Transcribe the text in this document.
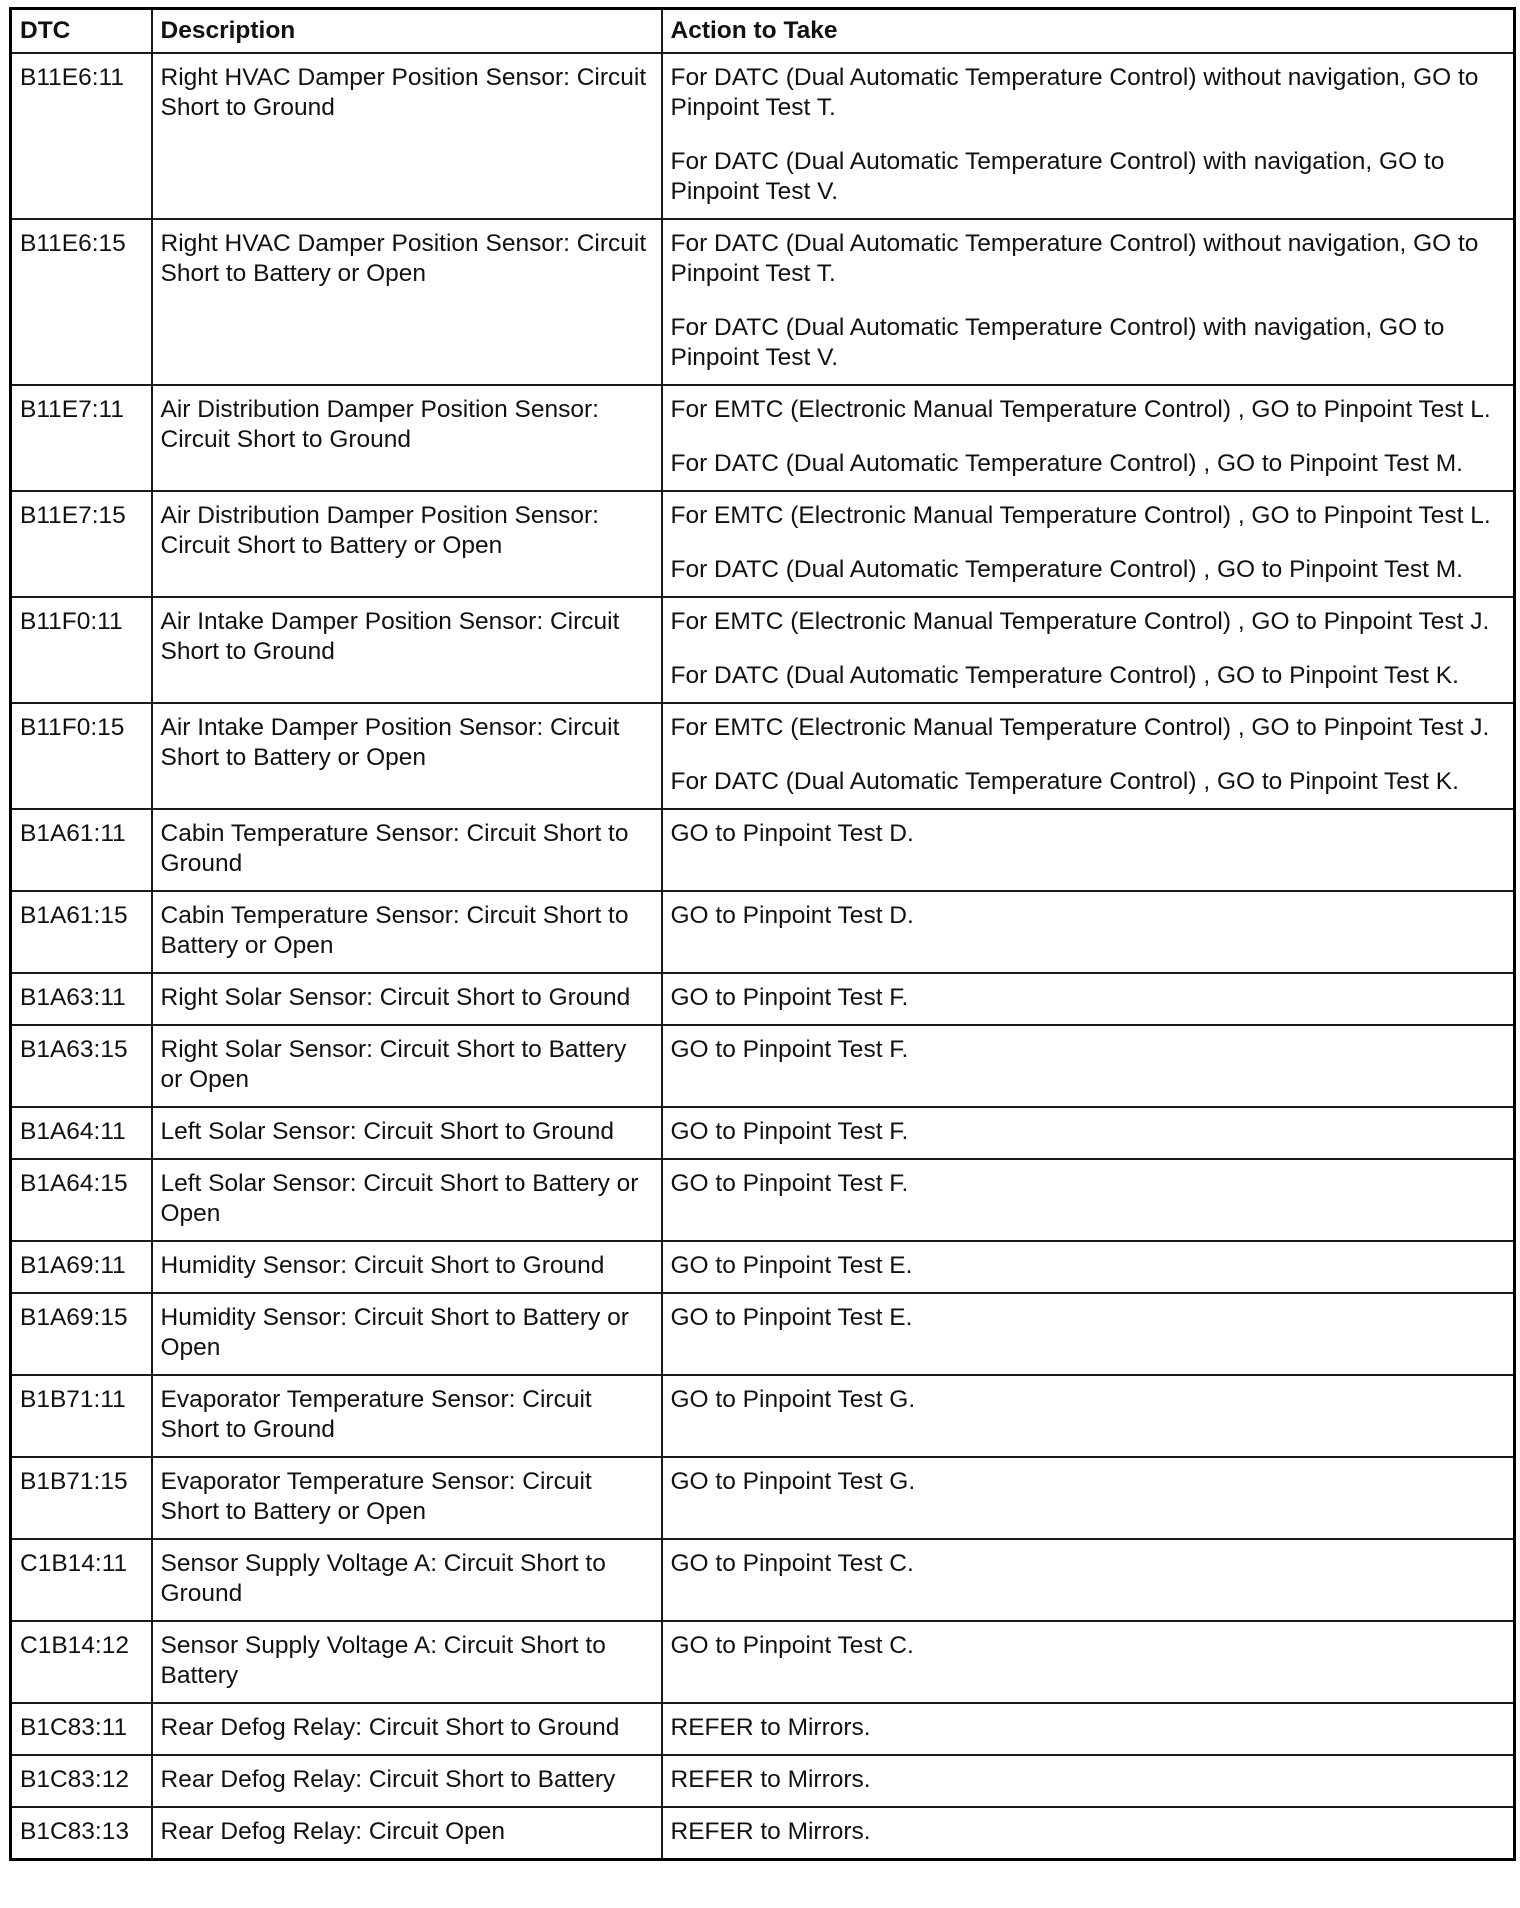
DTC	Description	Action to Take
B11E6:11	Right HVAC Damper Position Sensor: Circuit Short to Ground	For DATC (Dual Automatic Temperature Control) without navigation, GO to Pinpoint Test T.

For DATC (Dual Automatic Temperature Control) with navigation, GO to Pinpoint Test V.

B11E6:15	Right HVAC Damper Position Sensor: Circuit Short to Battery or Open	For DATC (Dual Automatic Temperature Control) without navigation, GO to Pinpoint Test T.

For DATC (Dual Automatic Temperature Control) with navigation, GO to Pinpoint Test V.

B11E7:11	Air Distribution Damper Position Sensor: Circuit Short to Ground	For EMTC (Electronic Manual Temperature Control) , GO to Pinpoint Test L.

For DATC (Dual Automatic Temperature Control) , GO to Pinpoint Test M.

B11E7:15	Air Distribution Damper Position Sensor: Circuit Short to Battery or Open	For EMTC (Electronic Manual Temperature Control) , GO to Pinpoint Test L.

For DATC (Dual Automatic Temperature Control) , GO to Pinpoint Test M.

B11F0:11	Air Intake Damper Position Sensor: Circuit Short to Ground	For EMTC (Electronic Manual Temperature Control) , GO to Pinpoint Test J.

For DATC (Dual Automatic Temperature Control) , GO to Pinpoint Test K.

B11F0:15	Air Intake Damper Position Sensor: Circuit Short to Battery or Open	For EMTC (Electronic Manual Temperature Control) , GO to Pinpoint Test J.

For DATC (Dual Automatic Temperature Control) , GO to Pinpoint Test K.

B1A61:11	Cabin Temperature Sensor: Circuit Short to Ground	GO to Pinpoint Test D.

B1A61:15	Cabin Temperature Sensor: Circuit Short to Battery or Open	GO to Pinpoint Test D.

B1A63:11	Right Solar Sensor: Circuit Short to Ground	GO to Pinpoint Test F.

B1A63:15	Right Solar Sensor: Circuit Short to Battery or Open	GO to Pinpoint Test F.

B1A64:11	Left Solar Sensor: Circuit Short to Ground	GO to Pinpoint Test F.

B1A64:15	Left Solar Sensor: Circuit Short to Battery or Open	GO to Pinpoint Test F.

B1A69:11	Humidity Sensor: Circuit Short to Ground	GO to Pinpoint Test E.

B1A69:15	Humidity Sensor: Circuit Short to Battery or Open	GO to Pinpoint Test E.

B1B71:11	Evaporator Temperature Sensor: Circuit Short to Ground	GO to Pinpoint Test G.

B1B71:15	Evaporator Temperature Sensor: Circuit Short to Battery or Open	GO to Pinpoint Test G.

C1B14:11	Sensor Supply Voltage A: Circuit Short to Ground	GO to Pinpoint Test C.

C1B14:12	Sensor Supply Voltage A: Circuit Short to Battery	GO to Pinpoint Test C.

B1C83:11	Rear Defog Relay: Circuit Short to Ground	REFER to Mirrors.

B1C83:12	Rear Defog Relay: Circuit Short to Battery	REFER to Mirrors.

B1C83:13	Rear Defog Relay: Circuit Open	REFER to Mirrors.
